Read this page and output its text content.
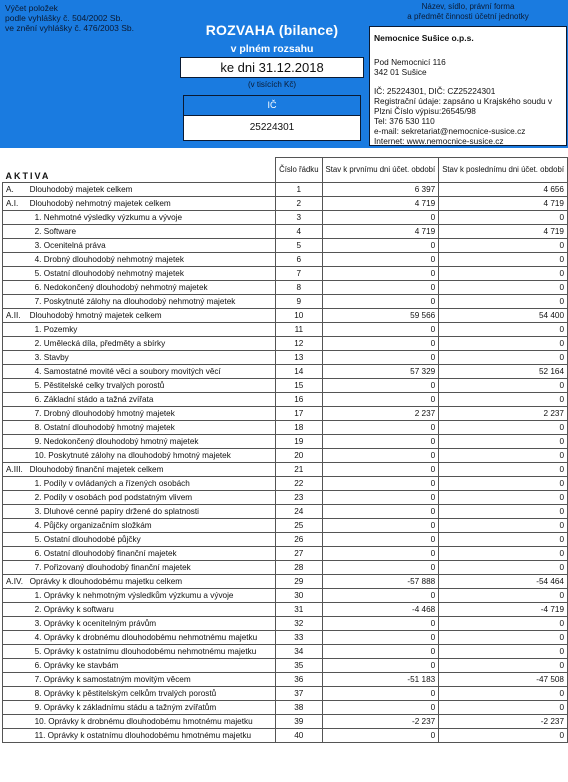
Výčet položek
podle vyhlášky č. 504/2002 Sb.
ve znění vyhlášky č. 476/2003 Sb.	ROZVAHA (bilance)
v plném rozsahu
ke dni 31.12.2018
(v tisících Kč)
IČ
25224301
Název, sídlo, právní forma
a předmět činnosti účetní jednotky
Nemocnice Sušice o.p.s.
Pod Nemocnicí 116
342 01 Sušice
IČ: 25224301, DIČ: CZ25224301
Registrační údaje: zapsáno u Krajského soudu v
Plzni Číslo výpisu:26545/98
Tel: 376 530 110
e-mail: sekretariat@nemocnice-susice.cz
Internet: www.nemocnice-susice.cz
AKTIVA		Číslo řádku	Stav k prvnímu dni účet. období	Stav k poslednímu dni účet. období
A.	Dlouhodobý majetek celkem	1	6 397	4 656
A.I.	Dlouhodobý nehmotný majetek celkem	2	4 719	4 719
	1. Nehmotné výsledky výzkumu a vývoje	3	0	0
	2. Software	4	4 719	4 719
	3. Ocenitelná práva	5	0	0
	4. Drobný dlouhodobý nehmotný majetek	6	0	0
	5. Ostatní dlouhodobý nehmotný majetek	7	0	0
	6. Nedokončený dlouhodobý nehmotný majetek	8	0	0
	7. Poskytnuté zálohy na dlouhodobý nehmotný majetek	9	0	0
A.II.	Dlouhodobý hmotný majetek celkem	10	59 566	54 400
	1. Pozemky	11	0	0
	2. Umělecká díla, předměty a sbírky	12	0	0
	3. Stavby	13	0	0
	4. Samostatné movité věci a soubory movitých věcí	14	57 329	52 164
	5. Pěstitelské celky trvalých porostů	15	0	0
	6. Základní stádo a tažná zvířata	16	0	0
	7. Drobný dlouhodobý hmotný majetek	17	2 237	2 237
	8. Ostatní dlouhodobý hmotný majetek	18	0	0
	9. Nedokončený dlouhodobý hmotný majetek	19	0	0
	10. Poskytnuté zálohy na dlouhodobý hmotný majetek	20	0	0
A.III.	Dlouhodobý finanční majetek celkem	21	0	0
	1. Podíly v ovládaných a řízených osobách	22	0	0
	2. Podíly v osobách pod podstatným vlivem	23	0	0
	3. Dluhové cenné papíry držené do splatnosti	24	0	0
	4. Půjčky organizačním složkám	25	0	0
	5. Ostatní dlouhodobé půjčky	26	0	0
	6. Ostatní dlouhodobý finanční majetek	27	0	0
	7. Pořizovaný dlouhodobý finanční majetek	28	0	0
A.IV.	Oprávky k dlouhodobému majetku celkem	29	-57 888	-54 464
	1. Oprávky k nehmotným výsledkům výzkumu a vývoje	30	0	0
	2. Oprávky k softwaru	31	-4 468	-4 719
	3. Oprávky k ocenitelným právům	32	0	0
	4. Oprávky k drobnému dlouhodobému nehmotnému majetku	33	0	0
	5. Oprávky k ostatnímu dlouhodobému nehmotnému majetku	34	0	0
	6. Oprávky ke stavbám	35	0	0
	7. Oprávky k samostatným movitým věcem	36	-51 183	-47 508
	8. Oprávky k pěstitelským celkům trvalých porostů	37	0	0
	9. Oprávky k základnímu stádu a tažným zvířatům	38	0	0
	10. Oprávky k drobnému dlouhodobému hmotnému majetku	39	-2 237	-2 237
	11. Oprávky k ostatnímu dlouhodobému hmotnému majetku	40	0	0
